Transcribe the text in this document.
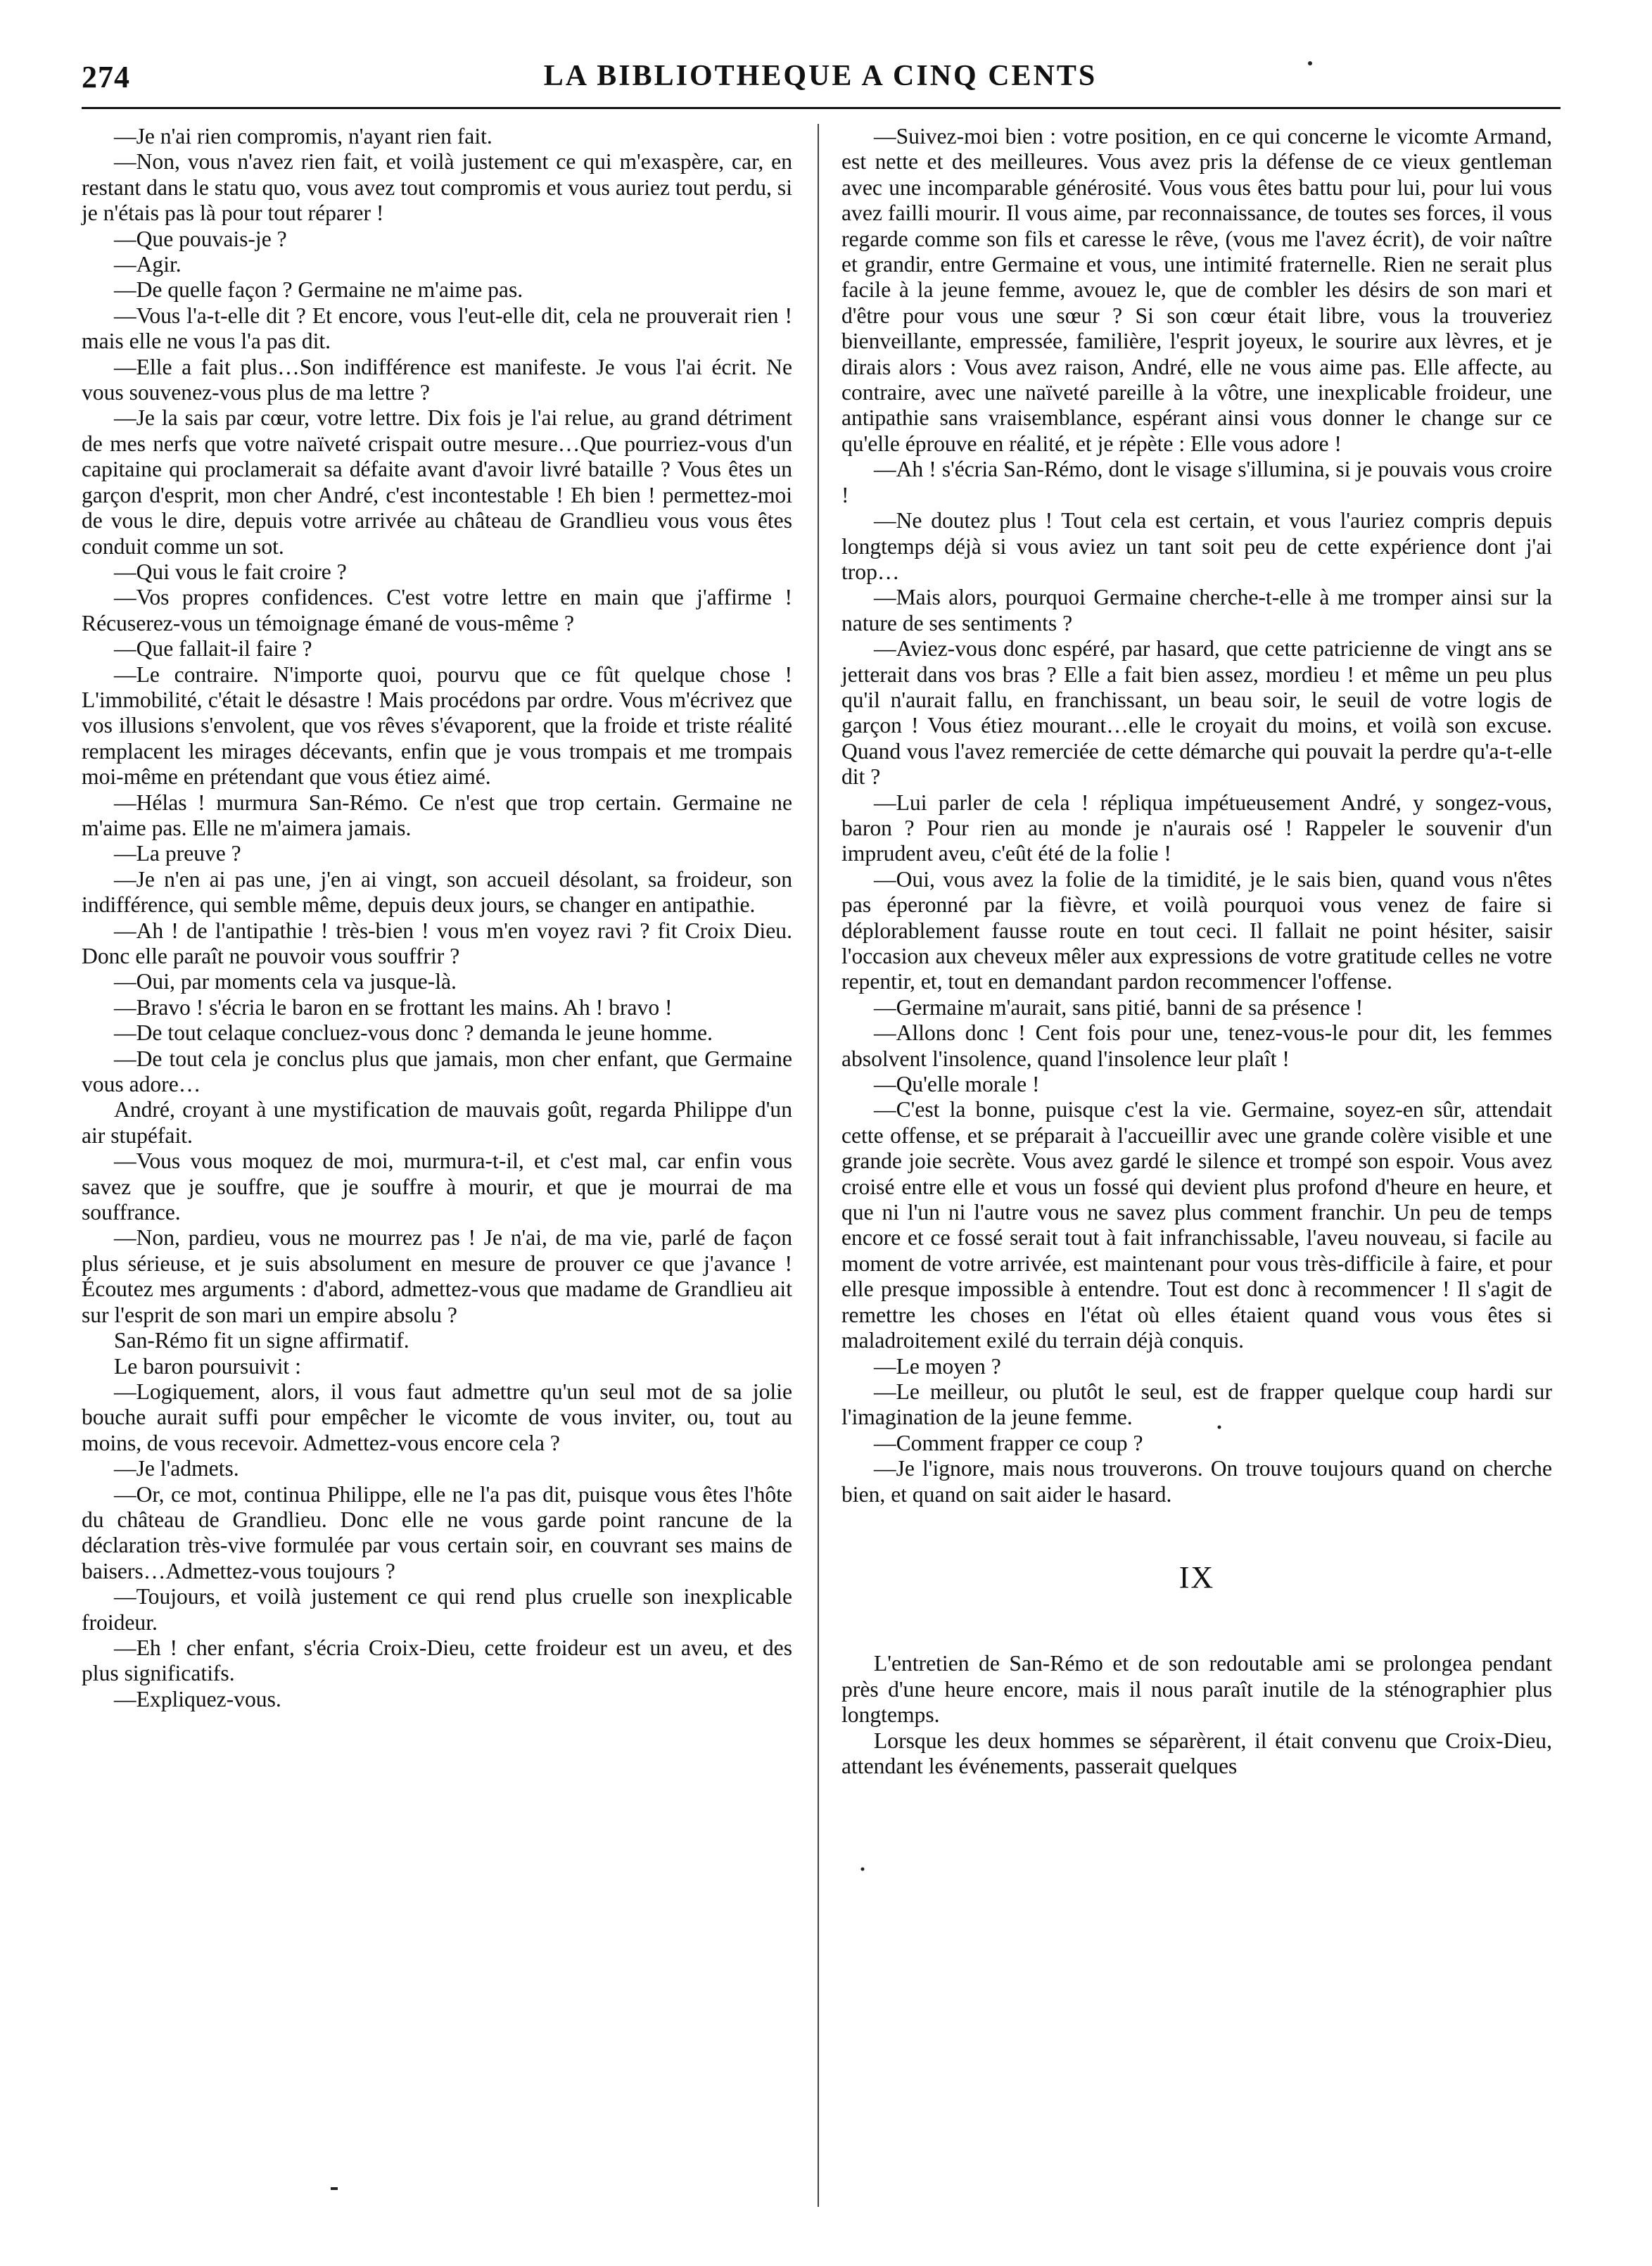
274	LA BIBLIOTHEQUE A CINQ CENTS

—Je n'ai rien compromis, n'ayant rien fait.

—Non, vous n'avez rien fait, et voilà justement ce qui m'exaspère, car, en restant dans le statu quo, vous avez tout compromis et vous auriez tout perdu, si je n'étais pas là pour tout réparer !

—Que pouvais-je ?

—Agir.

—De quelle façon ? Germaine ne m'aime pas.

—Vous l'a-t-elle dit ? Et encore, vous l'eut-elle dit, cela ne prouverait rien ! mais elle ne vous l'a pas dit.

—Elle a fait plus…Son indifférence est manifeste. Je vous l'ai écrit. Ne vous souvenez-vous plus de ma lettre ?

—Je la sais par cœur, votre lettre. Dix fois je l'ai relue, au grand détriment de mes nerfs que votre naïveté crispait outre mesure…Que pourriez-vous d'un capitaine qui proclamerait sa défaite avant d'avoir livré bataille ? Vous êtes un garçon d'esprit, mon cher André, c'est incontestable ! Eh bien ! permettez-moi de vous le dire, depuis votre arrivée au château de Grandlieu vous vous êtes conduit comme un sot.

—Qui vous le fait croire ?

—Vos propres confidences. C'est votre lettre en main que j'affirme ! Récuserez-vous un témoignage émané de vous-même ?

—Que fallait-il faire ?

—Le contraire. N'importe quoi, pourvu que ce fût quelque chose ! L'immobilité, c'était le désastre ! Mais procédons par ordre. Vous m'écrivez que vos illusions s'envolent, que vos rêves s'évaporent, que la froide et triste réalité remplacent les mirages décevants, enfin que je vous trompais et me trompais moi-même en prétendant que vous étiez aimé.

—Hélas ! murmura San-Rémo. Ce n'est que trop certain. Germaine ne m'aime pas. Elle ne m'aimera jamais.

—La preuve ?

—Je n'en ai pas une, j'en ai vingt, son accueil désolant, sa froideur, son indifférence, qui semble même, depuis deux jours, se changer en antipathie.

—Ah ! de l'antipathie ! très-bien ! vous m'en voyez ravi ? fit Croix Dieu. Donc elle paraît ne pouvoir vous souffrir ?

—Oui, par moments cela va jusque-là.

—Bravo ! s'écria le baron en se frottant les mains. Ah ! bravo !

—De tout celaque concluez-vous donc ? demanda le jeune homme.

—De tout cela je conclus plus que jamais, mon cher enfant, que Germaine vous adore…

André, croyant à une mystification de mauvais goût, regarda Philippe d'un air stupéfait.

—Vous vous moquez de moi, murmura-t-il, et c'est mal, car enfin vous savez que je souffre, que je souffre à mourir, et que je mourrai de ma souffrance.

—Non, pardieu, vous ne mourrez pas ! Je n'ai, de ma vie, parlé de façon plus sérieuse, et je suis absolument en mesure de prouver ce que j'avance ! Écoutez mes arguments : d'abord, admettez-vous que madame de Grandlieu ait sur l'esprit de son mari un empire absolu ?

San-Rémo fit un signe affirmatif.

Le baron poursuivit :

—Logiquement, alors, il vous faut admettre qu'un seul mot de sa jolie bouche aurait suffi pour empêcher le vicomte de vous inviter, ou, tout au moins, de vous recevoir. Admettez-vous encore cela ?

—Je l'admets.

—Or, ce mot, continua Philippe, elle ne l'a pas dit, puisque vous êtes l'hôte du château de Grandlieu. Donc elle ne vous garde point rancune de la déclaration très-vive formulée par vous certain soir, en couvrant ses mains de baisers…Admettez-vous toujours ?

—Toujours, et voilà justement ce qui rend plus cruelle son inexplicable froideur.

—Eh ! cher enfant, s'écria Croix-Dieu, cette froideur est un aveu, et des plus significatifs.

—Expliquez-vous.

—Suivez-moi bien : votre position, en ce qui concerne le vicomte Armand, est nette et des meilleures. Vous avez pris la défense de ce vieux gentleman avec une incomparable générosité. Vous vous êtes battu pour lui, pour lui vous avez failli mourir. Il vous aime, par reconnaissance, de toutes ses forces, il vous regarde comme son fils et caresse le rêve, (vous me l'avez écrit), de voir naître et grandir, entre Germaine et vous, une intimité fraternelle. Rien ne serait plus facile à la jeune femme, avouez le, que de combler les désirs de son mari et d'être pour vous une sœur ? Si son cœur était libre, vous la trouveriez bienveillante, empressée, familière, l'esprit joyeux, le sourire aux lèvres, et je dirais alors : Vous avez raison, André, elle ne vous aime pas. Elle affecte, au contraire, avec une naïveté pareille à la vôtre, une inexplicable froideur, une antipathie sans vraisemblance, espérant ainsi vous donner le change sur ce qu'elle éprouve en réalité, et je répète : Elle vous adore !

—Ah ! s'écria San-Rémo, dont le visage s'illumina, si je pouvais vous croire !

—Ne doutez plus ! Tout cela est certain, et vous l'auriez compris depuis longtemps déjà si vous aviez un tant soit peu de cette expérience dont j'ai trop…

—Mais alors, pourquoi Germaine cherche-t-elle à me tromper ainsi sur la nature de ses sentiments ?

—Aviez-vous donc espéré, par hasard, que cette patricienne de vingt ans se jetterait dans vos bras ? Elle a fait bien assez, mordieu ! et même un peu plus qu'il n'aurait fallu, en franchissant, un beau soir, le seuil de votre logis de garçon ! Vous étiez mourant…elle le croyait du moins, et voilà son excuse. Quand vous l'avez remerciée de cette démarche qui pouvait la perdre qu'a-t-elle dit ?

—Lui parler de cela ! répliqua impétueusement André, y songez-vous, baron ? Pour rien au monde je n'aurais osé ! Rappeler le souvenir d'un imprudent aveu, c'eût été de la folie !

—Oui, vous avez la folie de la timidité, je le sais bien, quand vous n'êtes pas éperonné par la fièvre, et voilà pourquoi vous venez de faire si déplorablement fausse route en tout ceci. Il fallait ne point hésiter, saisir l'occasion aux cheveux mêler aux expressions de votre gratitude celles ne votre repentir, et, tout en demandant pardon recommencer l'offense.

—Germaine m'aurait, sans pitié, banni de sa présence !

—Allons donc ! Cent fois pour une, tenez-vous-le pour dit, les femmes absolvent l'insolence, quand l'insolence leur plaît !

—Qu'elle morale !

—C'est la bonne, puisque c'est la vie. Germaine, soyez-en sûr, attendait cette offense, et se préparait à l'accueillir avec une grande colère visible et une grande joie secrète. Vous avez gardé le silence et trompé son espoir. Vous avez croisé entre elle et vous un fossé qui devient plus profond d'heure en heure, et que ni l'un ni l'autre vous ne savez plus comment franchir. Un peu de temps encore et ce fossé serait tout à fait infranchissable, l'aveu nouveau, si facile au moment de votre arrivée, est maintenant pour vous très-difficile à faire, et pour elle presque impossible à entendre. Tout est donc à recommencer ! Il s'agit de remettre les choses en l'état où elles étaient quand vous vous êtes si maladroitement exilé du terrain déjà conquis.

—Le moyen ?

—Le meilleur, ou plutôt le seul, est de frapper quelque coup hardi sur l'imagination de la jeune femme.

—Comment frapper ce coup ?

—Je l'ignore, mais nous trouverons. On trouve toujours quand on cherche bien, et quand on sait aider le hasard.

IX

L'entretien de San-Rémo et de son redoutable ami se prolongea pendant près d'une heure encore, mais il nous paraît inutile de la sténographier plus longtemps.

Lorsque les deux hommes se séparèrent, il était convenu que Croix-Dieu, attendant les événements, passerait quelques
